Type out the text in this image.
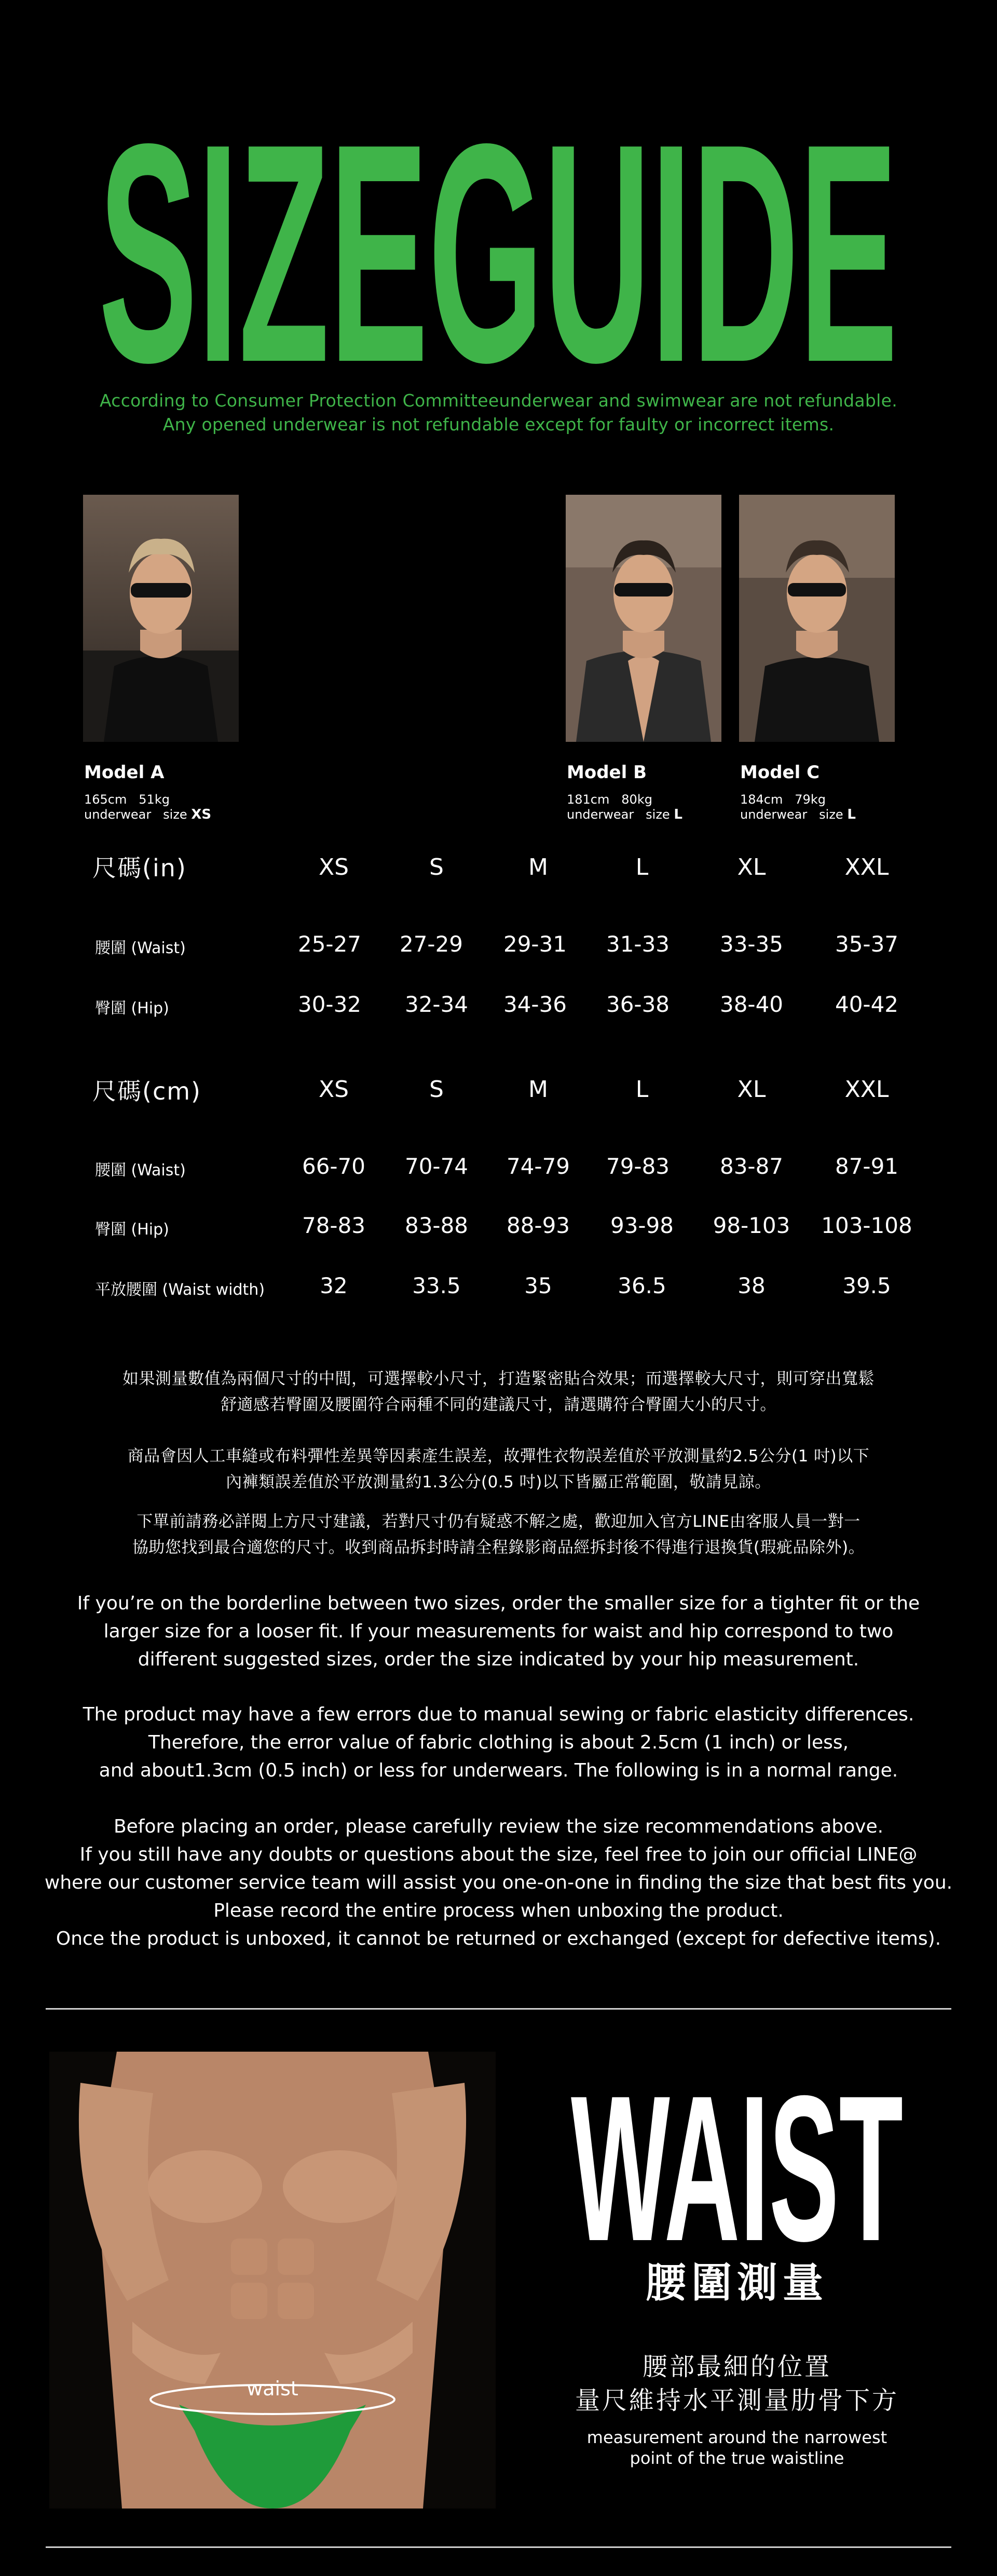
SIZEGUIDE
According to Consumer Protection Committeeunderwear and swimwear are not refundable.
Any opened underwear is not refundable except for faulty or incorrect items.
Model A
165cm 51kg
underwear size XS
Model B
181cm 80kg
underwear size L
Model C
184cm 79kg
underwear size L
尺碼(in)	XS	S	M	L	XL	XXL
腰圍 (Waist)	25-27	27-29	29-31	31-33	33-35	35-37
臀圍 (Hip)	30-32	32-34	34-36	36-38	38-40	40-42
尺碼(cm)	XS	S	M	L	XL	XXL
腰圍 (Waist)	66-70	70-74	74-79	79-83	83-87	87-91
臀圍 (Hip)	78-83	83-88	88-93	93-98	98-103	103-108
平放腰圍 (Waist width)	32	33.5	35	36.5	38	39.5
如果測量數值為兩個尺寸的中間，可選擇較小尺寸，打造緊密貼合效果；而選擇較大尺寸，則可穿出寬鬆
舒適感若臀圍及腰圍符合兩種不同的建議尺寸，請選購符合臀圍大小的尺寸。
商品會因人工車縫或布料彈性差異等因素產生誤差，故彈性衣物誤差值於平放測量約2.5公分(1 吋)以下
內褲類誤差值於平放測量約1.3公分(0.5 吋)以下皆屬正常範圍，敬請見諒。
下單前請務必詳閱上方尺寸建議，若對尺寸仍有疑惑不解之處，歡迎加入官方LINE由客服人員一對一
協助您找到最合適您的尺寸。收到商品拆封時請全程錄影商品經拆封後不得進行退換貨(瑕疵品除外)。
If you’re on the borderline between two sizes, order the smaller size for a tighter fit or the
larger size for a looser fit. If your measurements for waist and hip correspond to two
different suggested sizes, order the size indicated by your hip measurement.
The product may have a few errors due to manual sewing or fabric elasticity differences.
Therefore, the error value of fabric clothing is about 2.5cm (1 inch) or less,
and about1.3cm (0.5 inch) or less for underwears. The following is in a normal range.
Before placing an order, please carefully review the size recommendations above.
If you still have any doubts or questions about the size, feel free to join our official LINE@
where our customer service team will assist you one-on-one in finding the size that best fits you.
Please record the entire process when unboxing the product.
Once the product is unboxed, it cannot be returned or exchanged (except for defective items).
waist
WAIST
腰圍測量
腰部最細的位置
量尺維持水平測量肋骨下方
measurement around the narrowest
point of the true waistline
